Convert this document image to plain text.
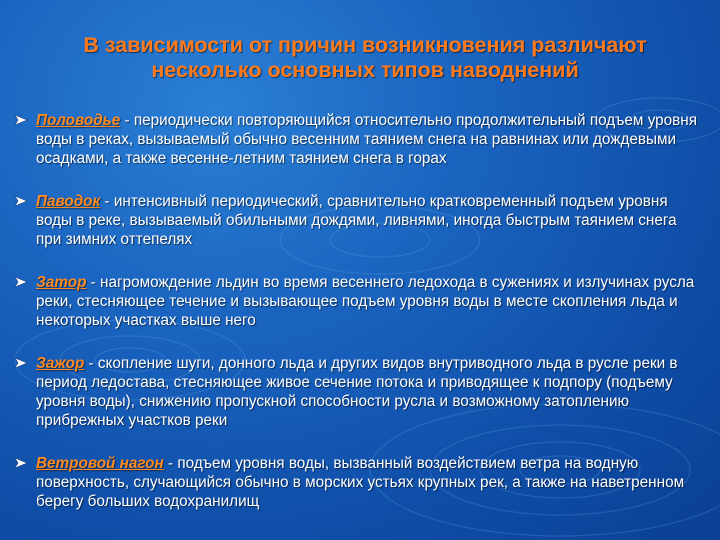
В зависимости от причин возникновения различают
несколько основных типов наводнений
Половодье - периодически повторяющийся относительно продолжительный подъем уровня воды в реках, вызываемый обычно весенним таянием снега на равнинах или дождевыми осадками, а также весенне-летним таянием снега в горах
Паводок - интенсивный периодический, сравнительно кратковременный подъем уровня воды в реке, вызываемый обильными дождями, ливнями, иногда быстрым таянием снега при зимних оттепелях
Затор - нагромождение льдин во время весеннего ледохода в сужениях и излучинах русла реки, стесняющее течение и вызывающее подъем уровня воды в месте скопления льда и некоторых участках выше него
Зажор - скопление шуги, донного льда и других видов внутриводного льда в русле реки в период ледостава, стесняющее живое сечение потока и приводящее к подпору (подъему уровня воды), снижению пропускной способности русла и возможному затоплению прибрежных участков реки
Ветровой нагон - подъем уровня воды, вызванный воздействием ветра на водную поверхность, случающийся обычно в морских устьях крупных рек, а также на наветренном берегу больших водохранилищ
